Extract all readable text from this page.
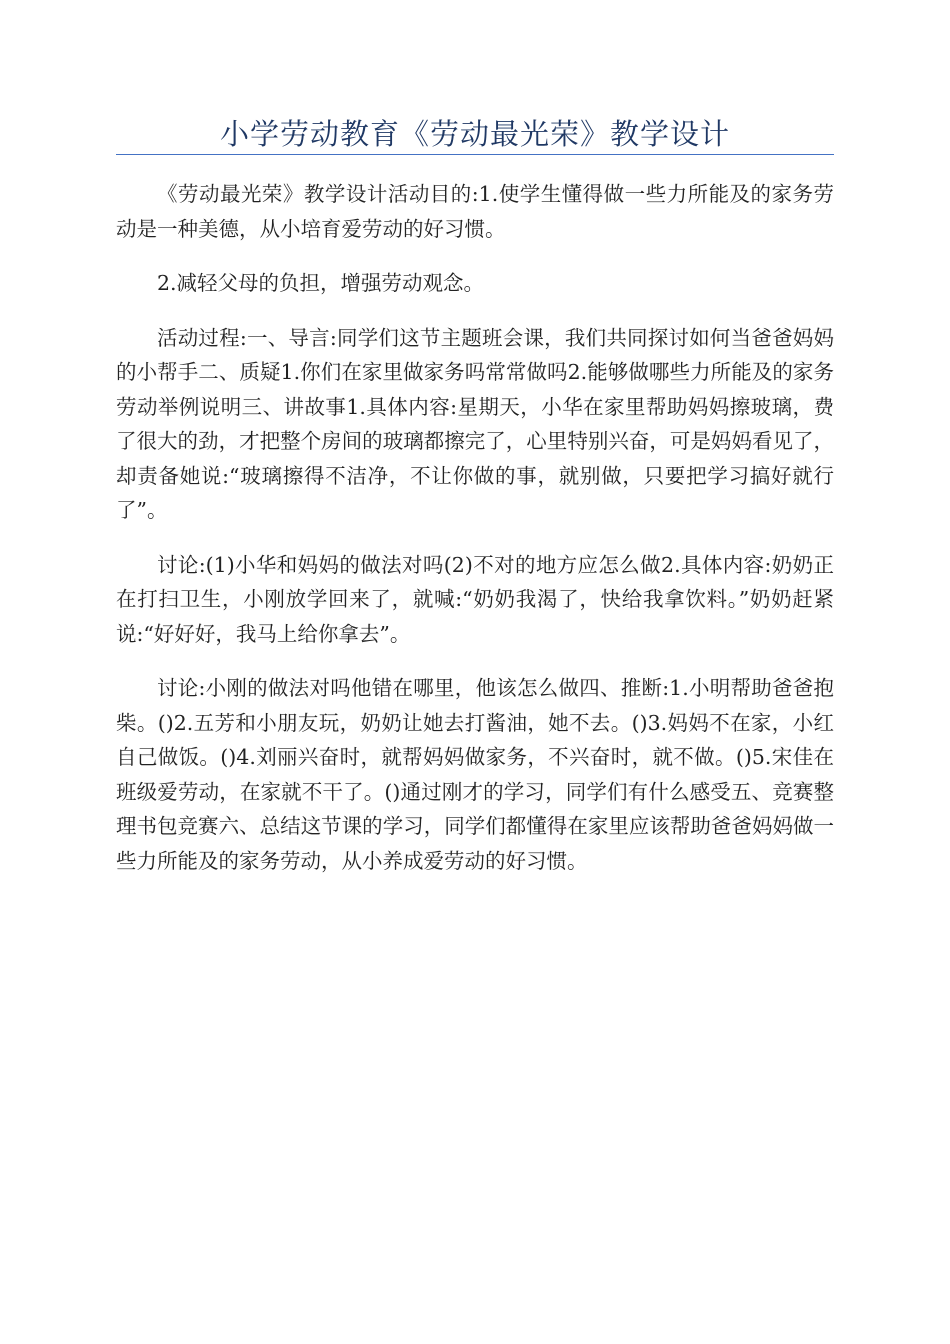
小学劳动教育《劳动最光荣》教学设计

《劳动最光荣》教学设计活动目的:1.使学生懂得做一些力所能及的家务劳动是一种美德，从小培育爱劳动的好习惯。

2.减轻父母的负担，增强劳动观念。

活动过程:一、导言:同学们这节主题班会课，我们共同探讨如何当爸爸妈妈的小帮手二、质疑1.你们在家里做家务吗常常做吗2.能够做哪些力所能及的家务劳动举例说明三、讲故事1.具体内容:星期天，小华在家里帮助妈妈擦玻璃，费了很大的劲，才把整个房间的玻璃都擦完了，心里特别兴奋，可是妈妈看见了，却责备她说:“玻璃擦得不洁净，不让你做的事，就别做，只要把学习搞好就行了”。

讨论:(1)小华和妈妈的做法对吗(2)不对的地方应怎么做2.具体内容:奶奶正在打扫卫生，小刚放学回来了，就喊:“奶奶我渴了，快给我拿饮料。”奶奶赶紧说:“好好好，我马上给你拿去”。

讨论:小刚的做法对吗他错在哪里，他该怎么做四、推断:1.小明帮助爸爸抱柴。()2.五芳和小朋友玩，奶奶让她去打酱油，她不去。()3.妈妈不在家，小红自己做饭。()4.刘丽兴奋时，就帮妈妈做家务，不兴奋时，就不做。()5.宋佳在班级爱劳动，在家就不干了。()通过刚才的学习，同学们有什么感受五、竞赛整理书包竞赛六、总结这节课的学习，同学们都懂得在家里应该帮助爸爸妈妈做一些力所能及的家务劳动，从小养成爱劳动的好习惯。
